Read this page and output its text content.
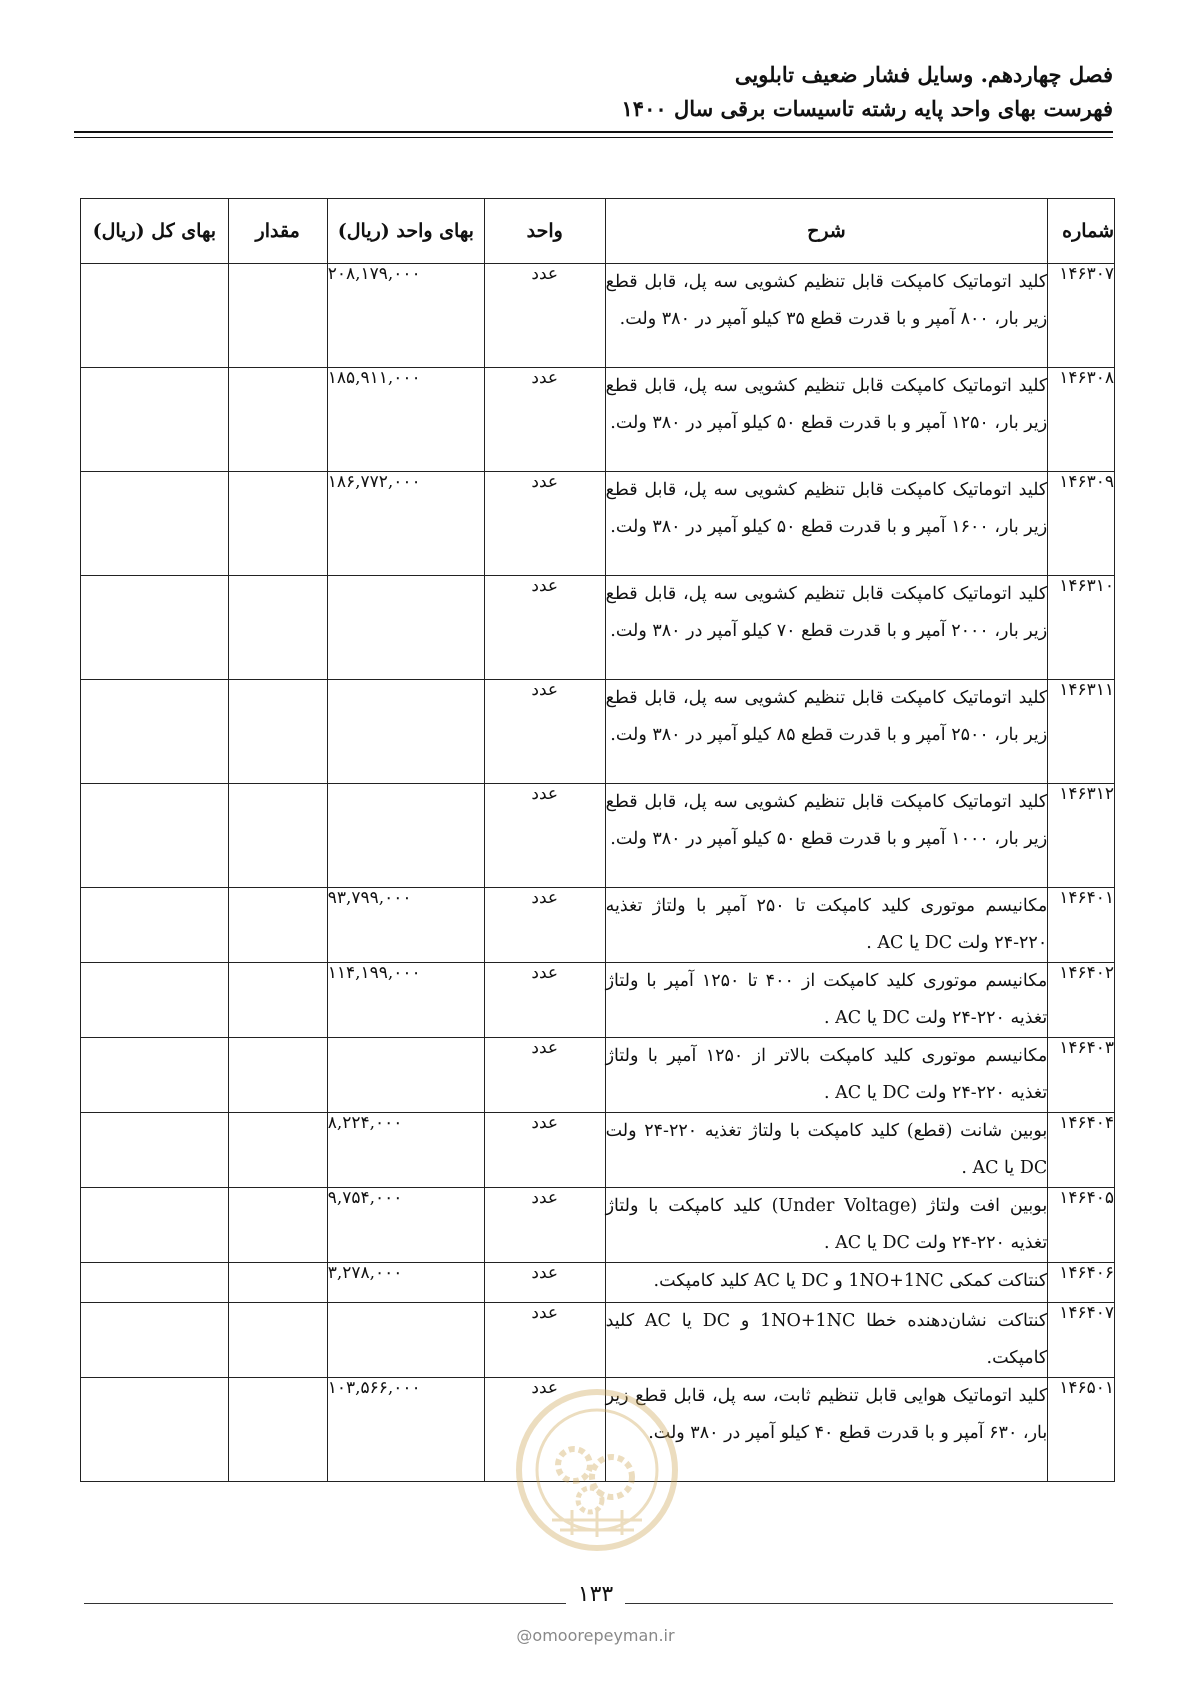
فصل چهاردهم. وسایل فشار ضعیف تابلویی
فهرست بهای واحد پایه رشته تاسیسات برقی سال ۱۴۰۰
شماره	شرح	واحد	بهای واحد (ریال)	مقدار	بهای کل (ریال)
۱۴۶۳۰۷	کلید اتوماتیک کامپکت قابل تنظیم کشویی سه پل، قابل قطع زیر بار، ۸۰۰ آمپر و با قدرت قطع ۳۵ کیلو آمپر در ۳۸۰ ولت.	عدد	۲۰۸,۱۷۹,۰۰۰		
۱۴۶۳۰۸	کلید اتوماتیک کامپکت قابل تنظیم کشویی سه پل، قابل قطع زیر بار، ۱۲۵۰ آمپر و با قدرت قطع ۵۰ کیلو آمپر در ۳۸۰ ولت.	عدد	۱۸۵,۹۱۱,۰۰۰		
۱۴۶۳۰۹	کلید اتوماتیک کامپکت قابل تنظیم کشویی سه پل، قابل قطع زیر بار، ۱۶۰۰ آمپر و با قدرت قطع ۵۰ کیلو آمپر در ۳۸۰ ولت.	عدد	۱۸۶,۷۷۲,۰۰۰		
۱۴۶۳۱۰	کلید اتوماتیک کامپکت قابل تنظیم کشویی سه پل، قابل قطع زیر بار، ۲۰۰۰ آمپر و با قدرت قطع ۷۰ کیلو آمپر در ۳۸۰ ولت.	عدد			
۱۴۶۳۱۱	کلید اتوماتیک کامپکت قابل تنظیم کشویی سه پل، قابل قطع زیر بار، ۲۵۰۰ آمپر و با قدرت قطع ۸۵ کیلو آمپر در ۳۸۰ ولت.	عدد			
۱۴۶۳۱۲	کلید اتوماتیک کامپکت قابل تنظیم کشویی سه پل، قابل قطع زیر بار، ۱۰۰۰ آمپر و با قدرت قطع ۵۰ کیلو آمپر در ۳۸۰ ولت.	عدد			
۱۴۶۴۰۱	مکانیسم موتوری کلید کامپکت تا ۲۵۰ آمپر با ولتاژ تغذیه ۲۲۰-۲۴ ولت DC یا AC .	عدد	۹۳,۷۹۹,۰۰۰		
۱۴۶۴۰۲	مکانیسم موتوری کلید کامپکت از ۴۰۰ تا ۱۲۵۰ آمپر با ولتاژ تغذیه ۲۲۰-۲۴ ولت DC یا AC .	عدد	۱۱۴,۱۹۹,۰۰۰		
۱۴۶۴۰۳	مکانیسم موتوری کلید کامپکت بالاتر از ۱۲۵۰ آمپر با ولتاژ تغذیه ۲۲۰-۲۴ ولت DC یا AC .	عدد			
۱۴۶۴۰۴	بوبین شانت (قطع) کلید کامپکت با ولتاژ تغذیه ۲۲۰-۲۴ ولت DC یا AC .	عدد	۸,۲۲۴,۰۰۰		
۱۴۶۴۰۵	بوبین افت ولتاژ (Under Voltage) کلید کامپکت با ولتاژ تغذیه ۲۲۰-۲۴ ولت DC یا AC .	عدد	۹,۷۵۴,۰۰۰		
۱۴۶۴۰۶	کنتاکت کمکی 1NO+1NC و DC یا AC کلید کامپکت.	عدد	۳,۲۷۸,۰۰۰		
۱۴۶۴۰۷	کنتاکت نشان‌دهنده خطا 1NO+1NC و DC یا AC کلید کامپکت.	عدد			
۱۴۶۵۰۱	کلید اتوماتیک هوایی قابل تنظیم ثابت، سه پل، قابل قطع زیر بار، ۶۳۰ آمپر و با قدرت قطع ۴۰ کیلو آمپر در ۳۸۰ ولت.	عدد	۱۰۳,۵۶۶,۰۰۰		
۱۳۳
@omoorepeyman.ir
